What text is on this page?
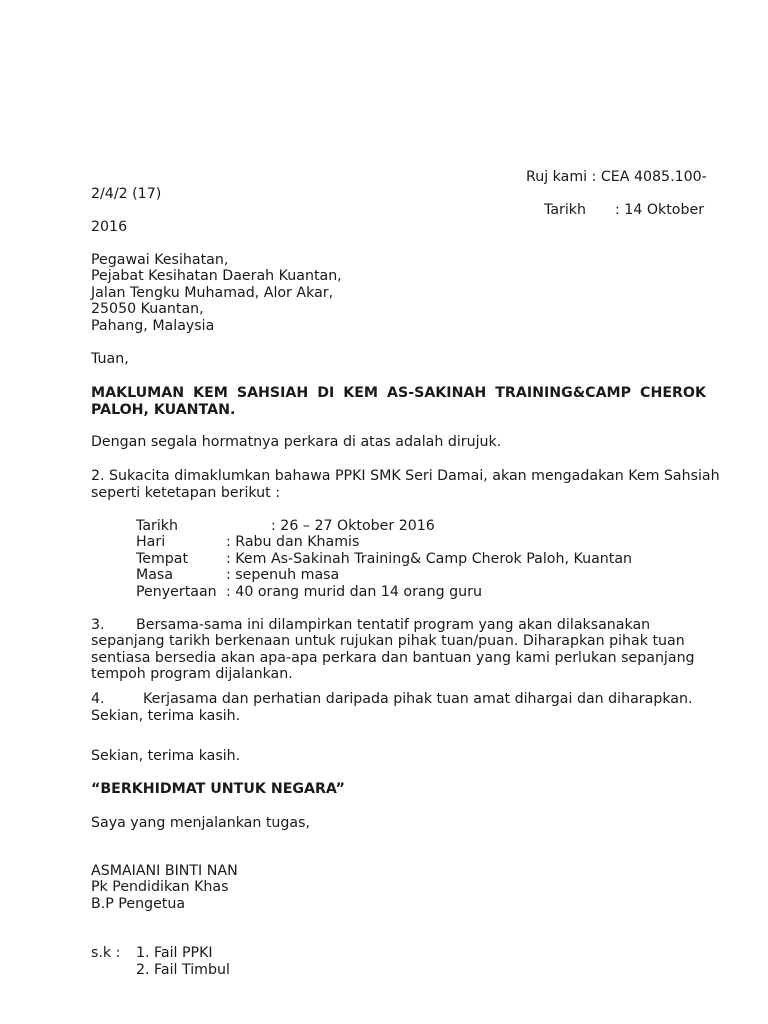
Ruj kami : CEA 4085.100-
2/4/2 (17)
Tarikh : 14 Oktober
2016
Pegawai Kesihatan,
Pejabat Kesihatan Daerah Kuantan,
Jalan Tengku Muhamad, Alor Akar,
25050 Kuantan,
Pahang, Malaysia
Tuan,
MAKLUMAN KEM SAHSIAH DI KEM AS-SAKINAH TRAINING&CAMP CHEROK
PALOH, KUANTAN.
Dengan segala hormatnya perkara di atas adalah dirujuk.
2. Sukacita dimaklumkan bahawa PPKI SMK Seri Damai, akan mengadakan Kem Sahsiah
seperti ketetapan berikut :
Tarikh	: 26 – 27 Oktober 2016
Hari	: Rabu dan Khamis
Tempat	: Kem As-Sakinah Training& Camp Cherok Paloh, Kuantan
Masa	: sepenuh masa
Penyertaan : 40 orang murid dan 14 orang guru
3. Bersama-sama ini dilampirkan tentatif program yang akan dilaksanakan
sepanjang tarikh berkenaan untuk rujukan pihak tuan/puan. Diharapkan pihak tuan
sentiasa bersedia akan apa-apa perkara dan bantuan yang kami perlukan sepanjang
tempoh program dijalankan.
4.	Kerjasama dan perhatian daripada pihak tuan amat dihargai dan diharapkan.
Sekian, terima kasih.
Sekian, terima kasih.
“BERKHIDMAT UNTUK NEGARA”
Saya yang menjalankan tugas,
ASMAIANI BINTI NAN
Pk Pendidikan Khas
B.P Pengetua
s.k : 1. Fail PPKI
2. Fail Timbul
